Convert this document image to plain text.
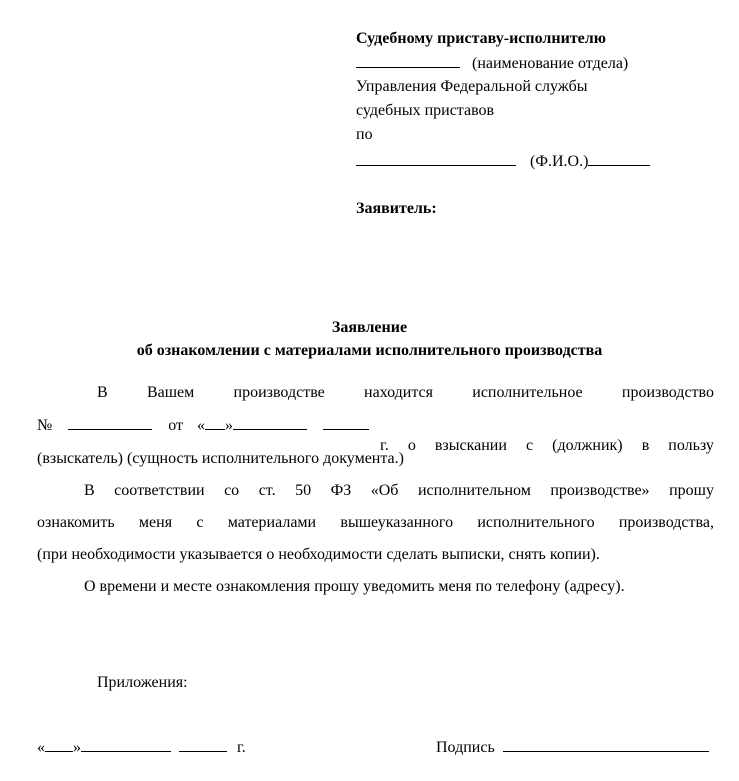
Судебному приставу-исполнителю
(наименование отдела)
Управления Федеральной службы
судебных приставов
по
(Ф.И.О.)
Заявитель:
Заявление
об ознакомлении с материалами исполнительного производства
В Вашем производстве находится исполнительное производство
№	от « »
г. о взыскании с (должник) в пользу
(взыскатель) (сущность исполнительного документа.)
В соответствии со ст. 50 ФЗ «Об исполнительном производстве» прошу
ознакомить меня с материалами вышеуказанного исполнительного производства,
(при необходимости указывается о необходимости сделать выписки, снять копии).
О времени и месте ознакомления прошу уведомить меня по телефону (адресу).
Приложения:
« »	г.	Подпись
